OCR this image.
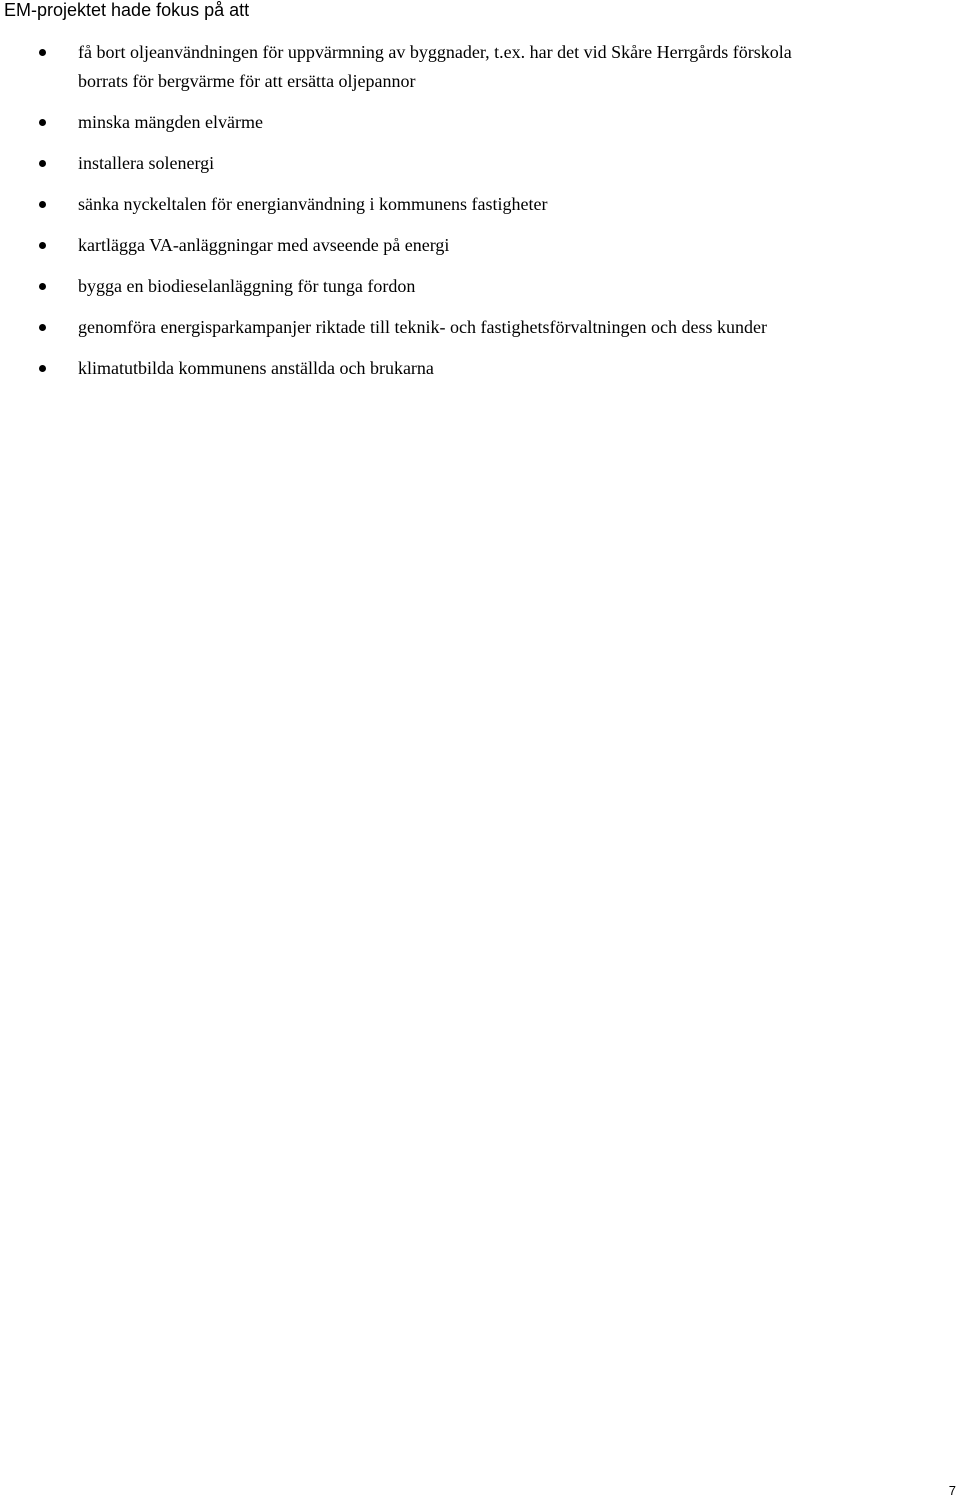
EM-projektet hade fokus på att
få bort oljeanvändningen för uppvärmning av byggnader, t.ex. har det vid Skåre Herrgårds förskola borrats för bergvärme för att ersätta oljepannor
minska mängden elvärme
installera solenergi
sänka nyckeltalen för energianvändning i kommunens fastigheter
kartlägga VA-anläggningar med avseende på energi
bygga en biodieselanläggning för tunga fordon
genomföra energisparkampanjer riktade till teknik- och fastighetsförvaltningen och dess kunder
klimatutbilda kommunens anställda och brukarna
7
